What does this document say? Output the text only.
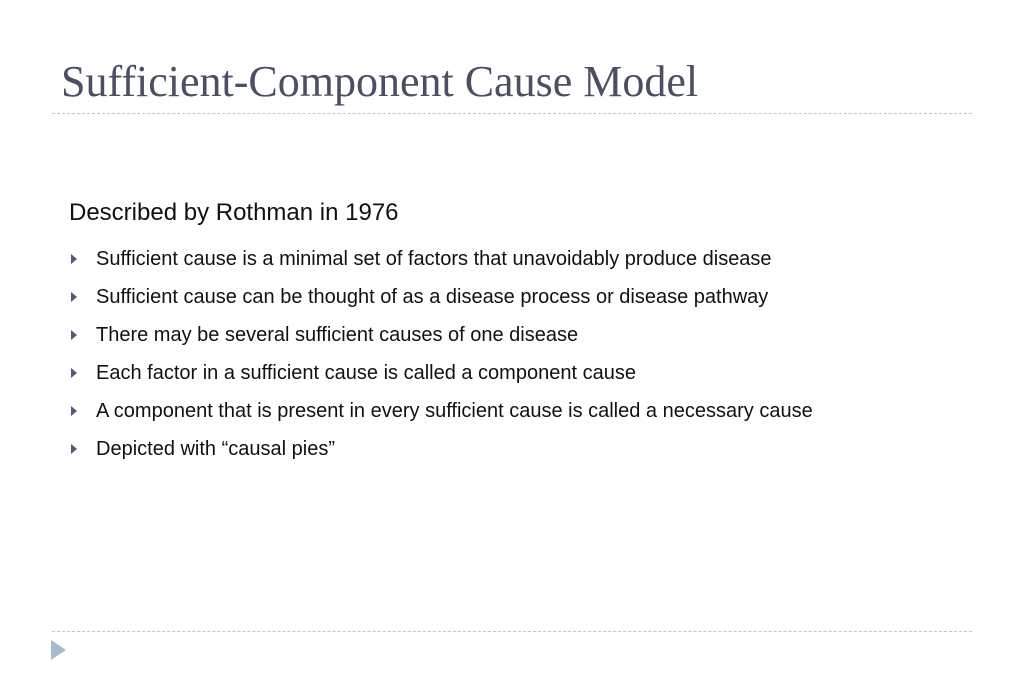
Sufficient-Component Cause Model

Described by Rothman in 1976

Sufficient cause is a minimal set of factors that unavoidably produce disease
Sufficient cause can be thought of as a disease process or disease pathway
There may be several sufficient causes of one disease
Each factor in a sufficient cause is called a component cause
A component that is present in every sufficient cause is called a necessary cause
Depicted with “causal pies”
